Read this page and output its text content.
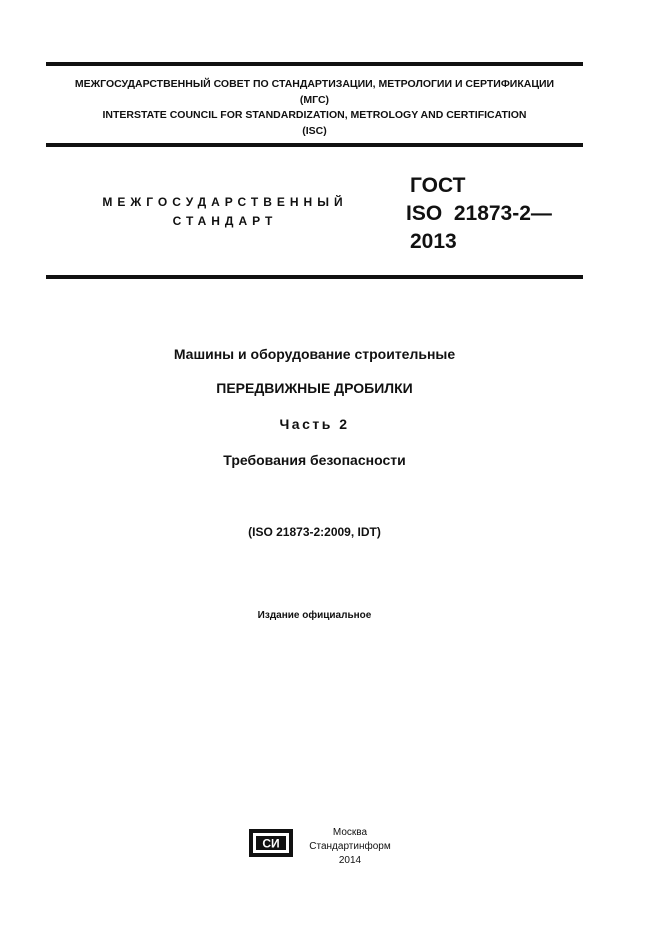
МЕЖГОСУДАРСТВЕННЫЙ СОВЕТ ПО СТАНДАРТИЗАЦИИ, МЕТРОЛОГИИ И СЕРТИФИКАЦИИ
(МГС)
INTERSTATE COUNCIL FOR STANDARDIZATION, METROLOGY AND CERTIFICATION
(ISC)
МЕЖГОСУДАРСТВЕННЫЙ
СТАНДАРТ
ГОСТ
ISO  21873-2—
2013
Машины и оборудование строительные
ПЕРЕДВИЖНЫЕ ДРОБИЛКИ
Часть 2
Требования безопасности
(ISO 21873-2:2009, IDT)
Издание официальное
СИ
Москва
Стандартинформ
2014
